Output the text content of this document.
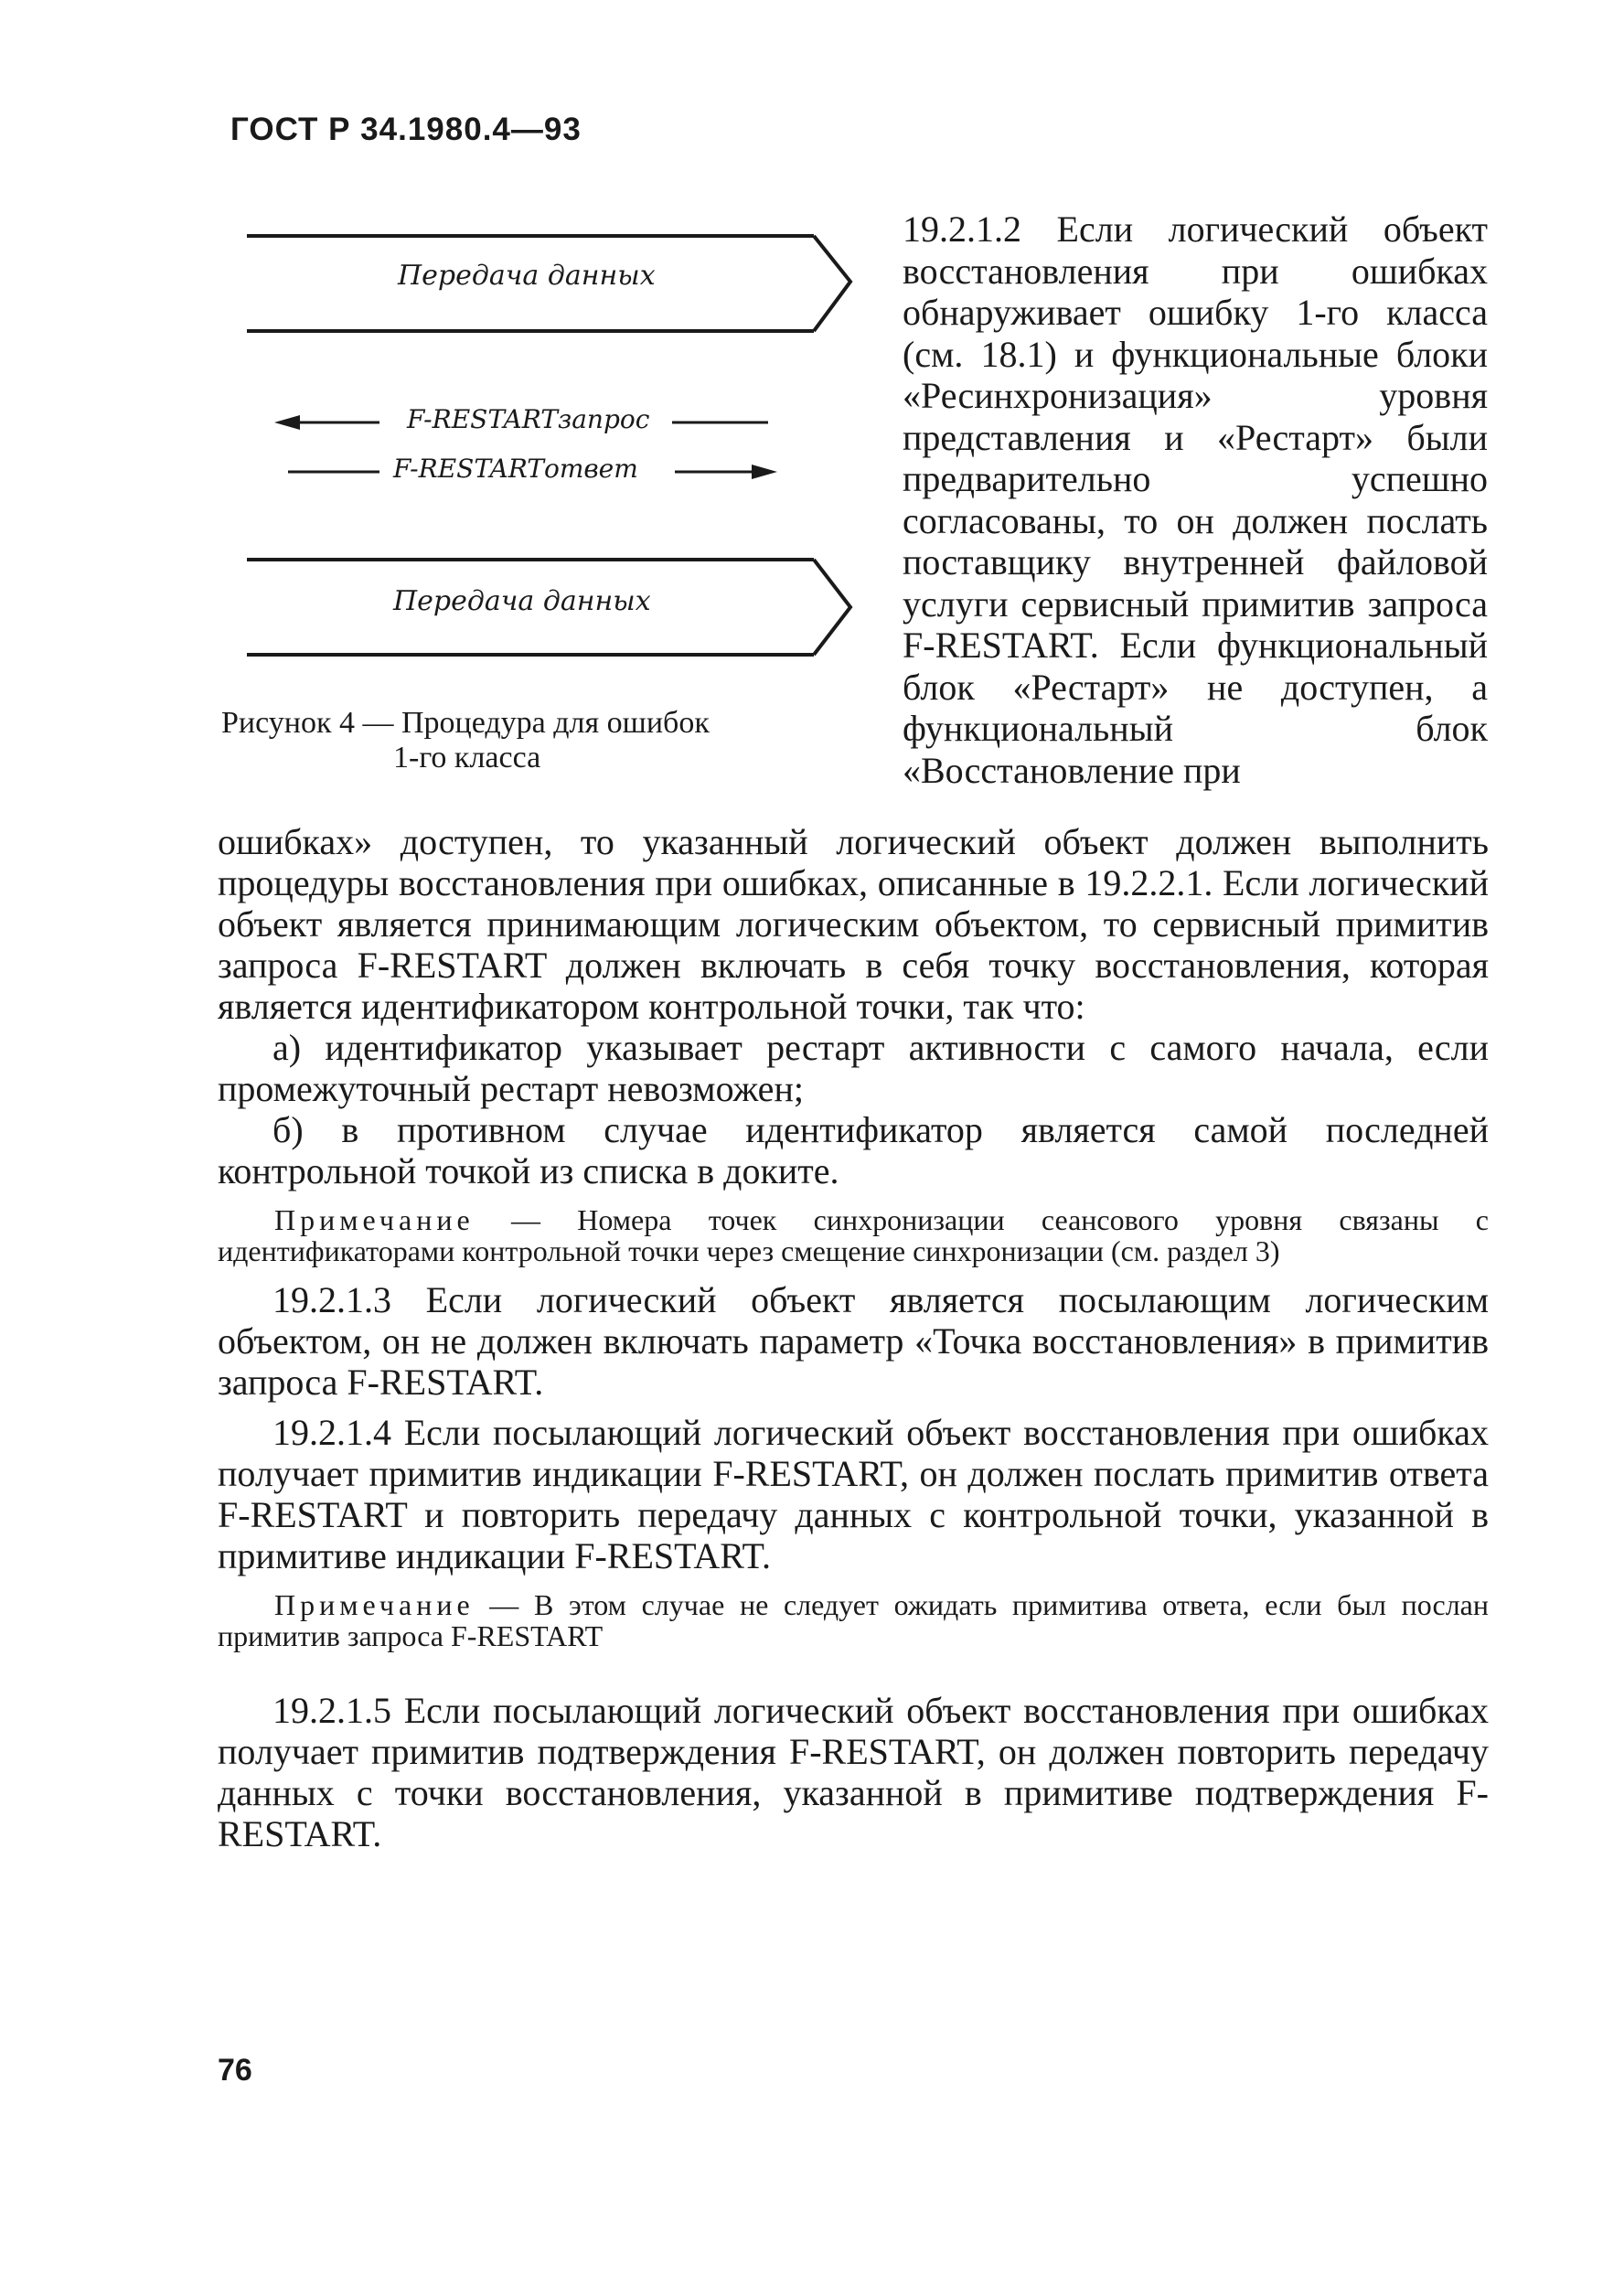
ГОСТ Р 34.1980.4—93
Передача данных
F-RESTARTзапрос
F-RESTARTответ
Передача данных
Рисунок 4 — Процедура для ошибок
1-го класса
19.2.1.2 Если логический объект восстановления при ошибках обнаруживает ошибку 1-го класса (см. 18.1) и функциональные блоки «Ресинхронизация» уровня представления и «Рестарт» были предварительно успешно согласованы, то он должен послать поставщику внутренней файловой услуги сервисный примитив запроса F-RESTART. Если функциональный блок «Рестарт» не доступен, а функциональный блок «Восстановление при

ошибках» доступен, то указанный логический объект должен выполнить процедуры восстановления при ошибках, описанные в 19.2.2.1. Если логический объект является принимающим логическим объектом, то сервисный примитив запроса F-RESTART должен включать в себя точку восстановления, которая является идентификатором контрольной точки, так что:

а) идентификатор указывает рестарт активности с самого начала, если промежуточный рестарт невозможен;

б) в противном случае идентификатор является самой последней контрольной точкой из списка в доките.

Примечание — Номера точек синхронизации сеансового уровня связаны с идентификаторами контрольной точки через смещение синхронизации (см. раздел 3)

19.2.1.3 Если логический объект является посылающим логическим объектом, он не должен включать параметр «Точка восстановления» в примитив запроса F-RESTART.

19.2.1.4 Если посылающий логический объект восстановления при ошибках получает примитив индикации F-RESTART, он должен послать примитив ответа F-RESTART и повторить передачу данных с контрольной точки, указанной в примитиве индикации F-RESTART.

Примечание — В этом случае не следует ожидать примитива ответа, если был послан примитив запроса F-RESTART

19.2.1.5 Если посылающий логический объект восстановления при ошибках получает примитив подтверждения F-RESTART, он должен повторить передачу данных с точки восстановления, указанной в примитиве подтверждения F-RESTART.

76
